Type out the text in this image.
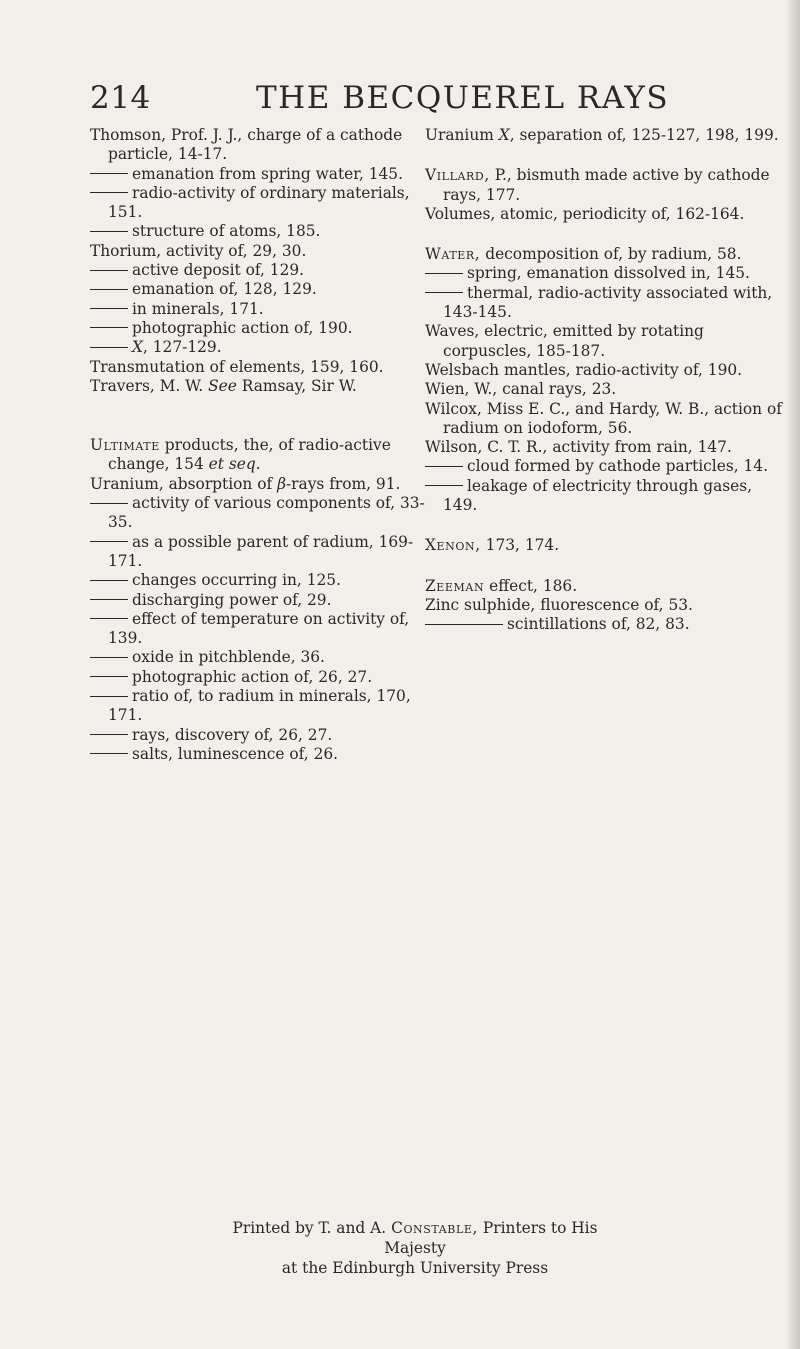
214	THE BECQUEREL RAYS

Thomson, Prof. J. J., charge of a cathode particle, 14-17.

emanation from spring water, 145.

radio-activity of ordinary materials, 151.

structure of atoms, 185.

Thorium, activity of, 29, 30.

active deposit of, 129.

emanation of, 128, 129.

in minerals, 171.

photographic action of, 190.

X, 127-129.

Transmutation of elements, 159, 160.

Travers, M. W. See Ramsay, Sir W.

Ultimate products, the, of radio-active change, 154 et seq.

Uranium, absorption of β-rays from, 91.

activity of various components of, 33-35.

as a possible parent of radium, 169-171.

changes occurring in, 125.

discharging power of, 29.

effect of temperature on activity of, 139.

oxide in pitchblende, 36.

photographic action of, 26, 27.

ratio of, to radium in minerals, 170, 171.

rays, discovery of, 26, 27.

salts, luminescence of, 26.

Uranium X, separation of, 125-127, 198, 199.

Villard, P., bismuth made active by cathode rays, 177.

Volumes, atomic, periodicity of, 162-164.

Water, decomposition of, by radium, 58.

spring, emanation dissolved in, 145.

thermal, radio-activity associated with, 143-145.

Waves, electric, emitted by rotating corpuscles, 185-187.

Welsbach mantles, radio-activity of, 190.

Wien, W., canal rays, 23.

Wilcox, Miss E. C., and Hardy, W. B., action of radium on iodoform, 56.

Wilson, C. T. R., activity from rain, 147.

cloud formed by cathode particles, 14.

leakage of electricity through gases, 149.

Xenon, 173, 174.

Zeeman effect, 186.

Zinc sulphide, fluorescence of, 53.

scintillations of, 82, 83.

Printed by T. and A. Constable, Printers to His Majesty
at the Edinburgh University Press
